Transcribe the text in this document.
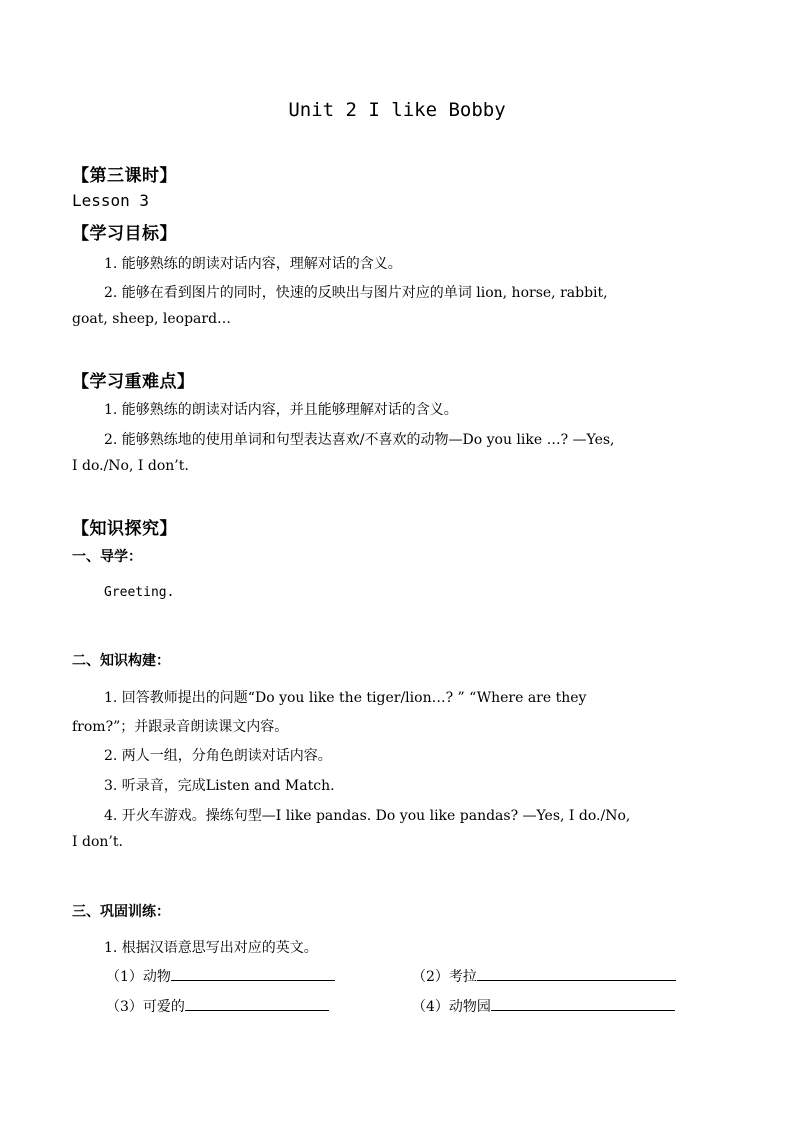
Unit 2 I like Bobby
【第三课时】
Lesson 3
【学习目标】
1. 能够熟练的朗读对话内容，理解对话的含义。
2. 能够在看到图片的同时，快速的反映出与图片对应的单词 lion, horse, rabbit,
goat, sheep, leopard…
【学习重难点】
1. 能够熟练的朗读对话内容，并且能够理解对话的含义。
2. 能够熟练地的使用单词和句型表达喜欢/不喜欢的动物—Do you like …? —Yes,
I do./No, I don’t.
【知识探究】
一、导学：
Greeting.
二、知识构建：
1. 回答教师提出的问题“Do you like the tiger/lion…? ” “Where are they
from?”；并跟录音朗读课文内容。
2. 两人一组，分角色朗读对话内容。
3. 听录音，完成Listen and Match.
4. 开火车游戏。操练句型—I like pandas. Do you like pandas? —Yes, I do./No,
I don’t.
三、巩固训练：
1. 根据汉语意思写出对应的英文。
（1）动物	（2）考拉
（3）可爱的	（4）动物园
